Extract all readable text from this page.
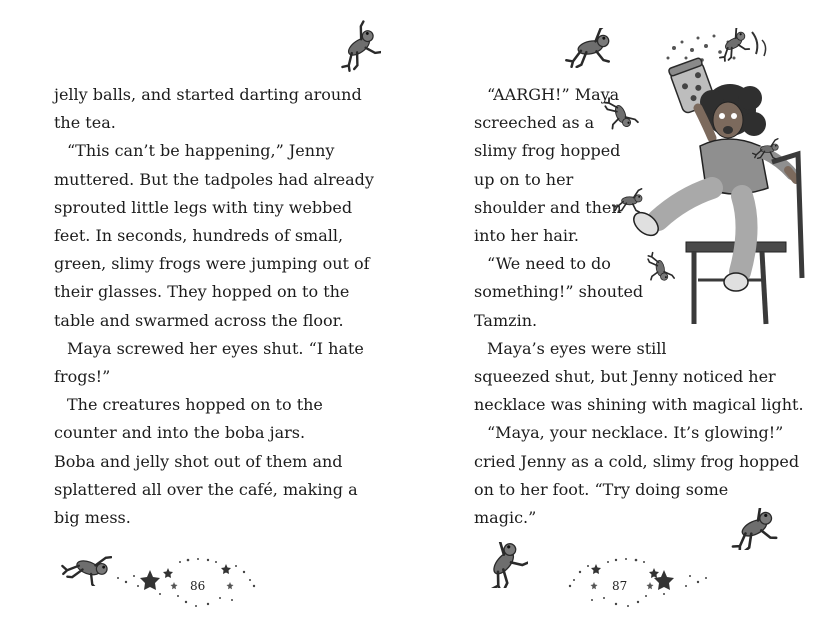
jelly balls, and started darting around
the tea.
“This can’t be happening,” Jenny
muttered. But the tadpoles had already
sprouted little legs with tiny webbed
feet. In seconds, hundreds of small,
green, slimy frogs were jumping out of
their glasses. They hopped on to the
table and swarmed across the floor.
Maya screwed her eyes shut. “I hate
frogs!”
The creatures hopped on to the
counter and into the boba jars.
Boba and jelly shot out of them and
splattered all over the café, making a
big mess.
86
“AARGH!” Maya
screeched as a
slimy frog hopped
up on to her
shoulder and then
into her hair.
“We need to do
something!” shouted
Tamzin.
Maya’s eyes were still
squeezed shut, but Jenny noticed her
necklace was shining with magical light.
“Maya, your necklace. It’s glowing!”
cried Jenny as a cold, slimy frog hopped
on to her foot. “Try doing some
magic.”
87
